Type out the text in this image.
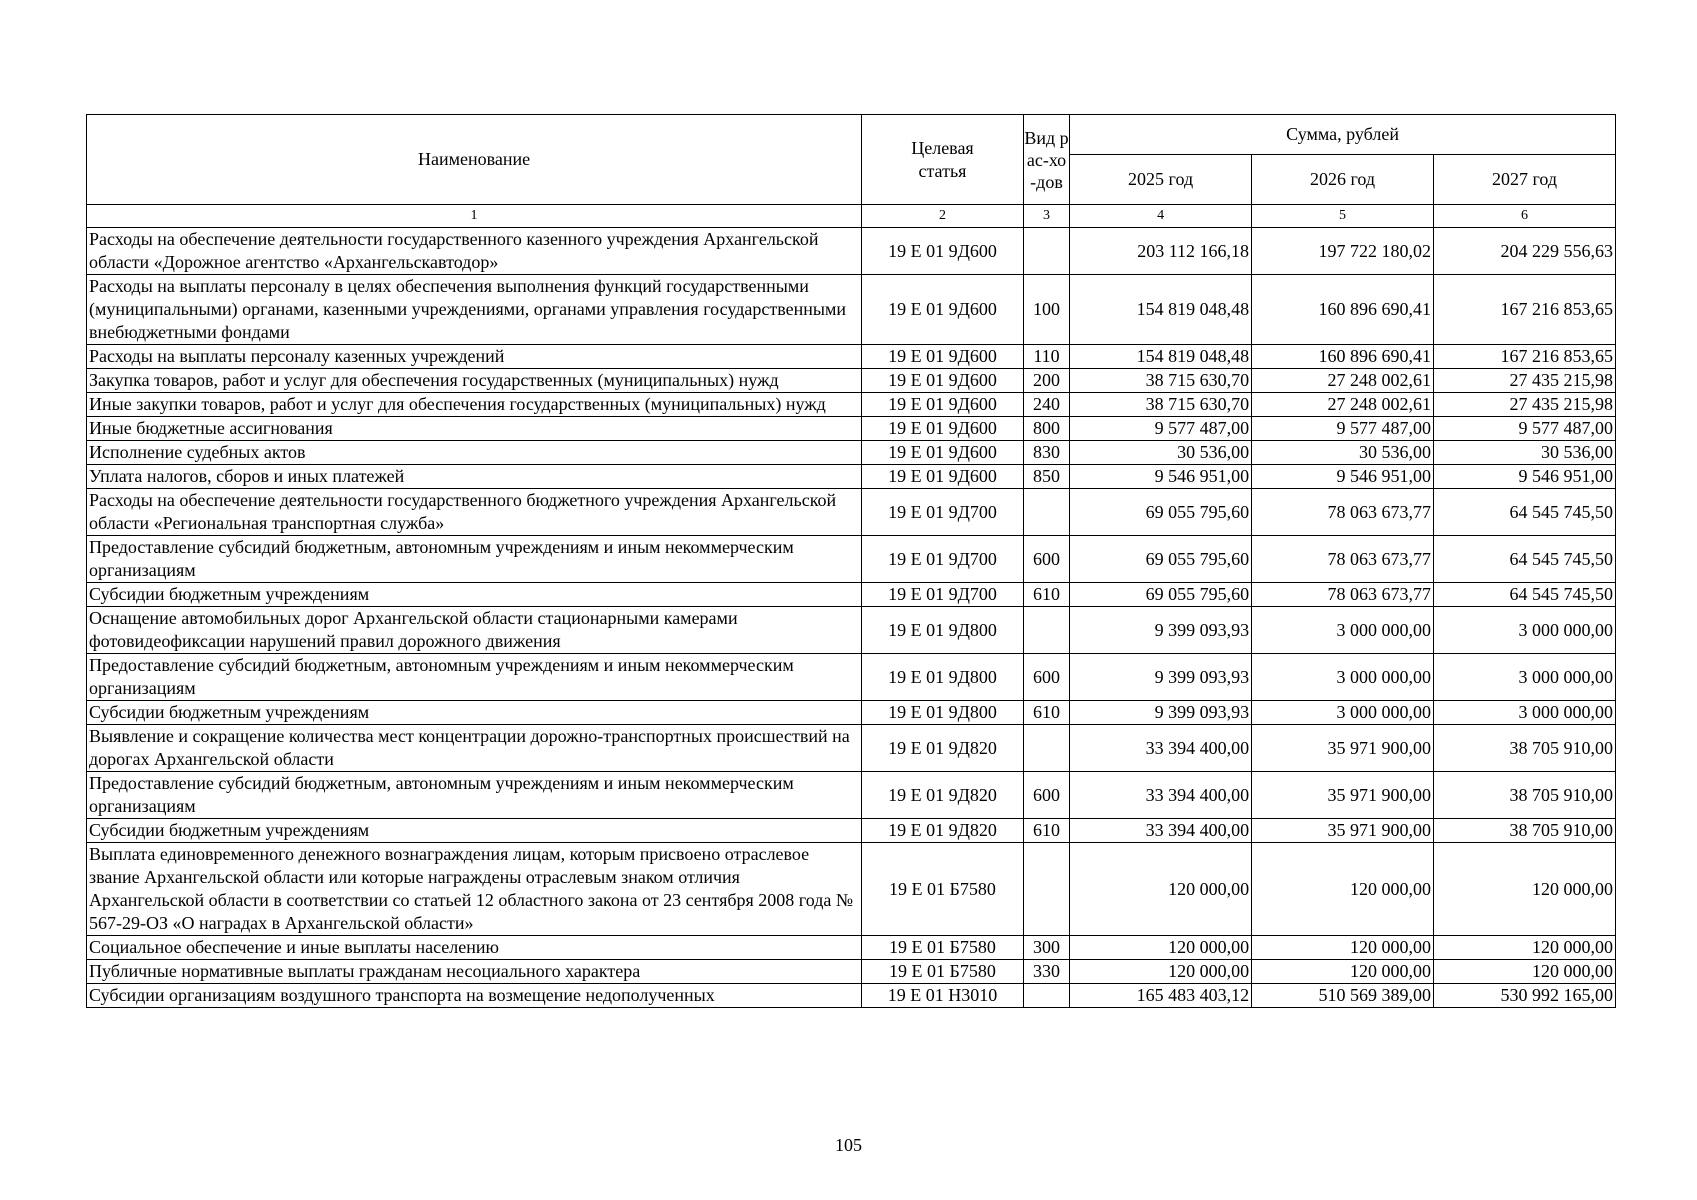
Наименование	Целевая статья	Вид рас-хо-дов	Сумма, рублей		
			2025 год	2026 год	2027 год
1	2	3	4	5	6
Расходы на обеспечение деятельности государственного казенного учреждения Архангельской области «Дорожное агентство «Архангельскавтодор»	19 Е 01 9Д600		203 112 166,18	197 722 180,02	204 229 556,63
Расходы на выплаты персоналу в целях обеспечения выполнения функций государственными (муниципальными) органами, казенными учреждениями, органами управления государственными внебюджетными фондами	19 Е 01 9Д600	100	154 819 048,48	160 896 690,41	167 216 853,65
Расходы на выплаты персоналу казенных учреждений	19 Е 01 9Д600	110	154 819 048,48	160 896 690,41	167 216 853,65
Закупка товаров, работ и услуг для обеспечения государственных (муниципальных) нужд	19 Е 01 9Д600	200	38 715 630,70	27 248 002,61	27 435 215,98
Иные закупки товаров, работ и услуг для обеспечения государственных (муниципальных) нужд	19 Е 01 9Д600	240	38 715 630,70	27 248 002,61	27 435 215,98
Иные бюджетные ассигнования	19 Е 01 9Д600	800	9 577 487,00	9 577 487,00	9 577 487,00
Исполнение судебных актов	19 Е 01 9Д600	830	30 536,00	30 536,00	30 536,00
Уплата налогов, сборов и иных платежей	19 Е 01 9Д600	850	9 546 951,00	9 546 951,00	9 546 951,00
Расходы на обеспечение деятельности государственного бюджетного учреждения Архангельской области «Региональная транспортная служба»	19 Е 01 9Д700		69 055 795,60	78 063 673,77	64 545 745,50
Предоставление субсидий бюджетным, автономным учреждениям и иным некоммерческим организациям	19 Е 01 9Д700	600	69 055 795,60	78 063 673,77	64 545 745,50
Субсидии бюджетным учреждениям	19 Е 01 9Д700	610	69 055 795,60	78 063 673,77	64 545 745,50
Оснащение автомобильных дорог Архангельской области стационарными камерами фотовидеофиксации нарушений правил дорожного движения	19 Е 01 9Д800		9 399 093,93	3 000 000,00	3 000 000,00
Предоставление субсидий бюджетным, автономным учреждениям и иным некоммерческим организациям	19 Е 01 9Д800	600	9 399 093,93	3 000 000,00	3 000 000,00
Субсидии бюджетным учреждениям	19 Е 01 9Д800	610	9 399 093,93	3 000 000,00	3 000 000,00
Выявление и сокращение количества мест концентрации дорожно-транспортных происшествий на дорогах Архангельской области	19 Е 01 9Д820		33 394 400,00	35 971 900,00	38 705 910,00
Предоставление субсидий бюджетным, автономным учреждениям и иным некоммерческим организациям	19 Е 01 9Д820	600	33 394 400,00	35 971 900,00	38 705 910,00
Субсидии бюджетным учреждениям	19 Е 01 9Д820	610	33 394 400,00	35 971 900,00	38 705 910,00
Выплата единовременного денежного вознаграждения лицам, которым присвоено отраслевое звание Архангельской области или которые награждены отраслевым знаком отличия Архангельской области в соответствии со статьей 12 областного закона от 23 сентября 2008 года № 567-29-ОЗ «О наградах в Архангельской области»	19 Е 01 Б7580		120 000,00	120 000,00	120 000,00
Социальное обеспечение и иные выплаты населению	19 Е 01 Б7580	300	120 000,00	120 000,00	120 000,00
Публичные нормативные выплаты гражданам несоциального характера	19 Е 01 Б7580	330	120 000,00	120 000,00	120 000,00
Субсидии организациям воздушного транспорта на возмещение недополученных	19 Е 01 Н3010		165 483 403,12	510 569 389,00	530 992 165,00
105
